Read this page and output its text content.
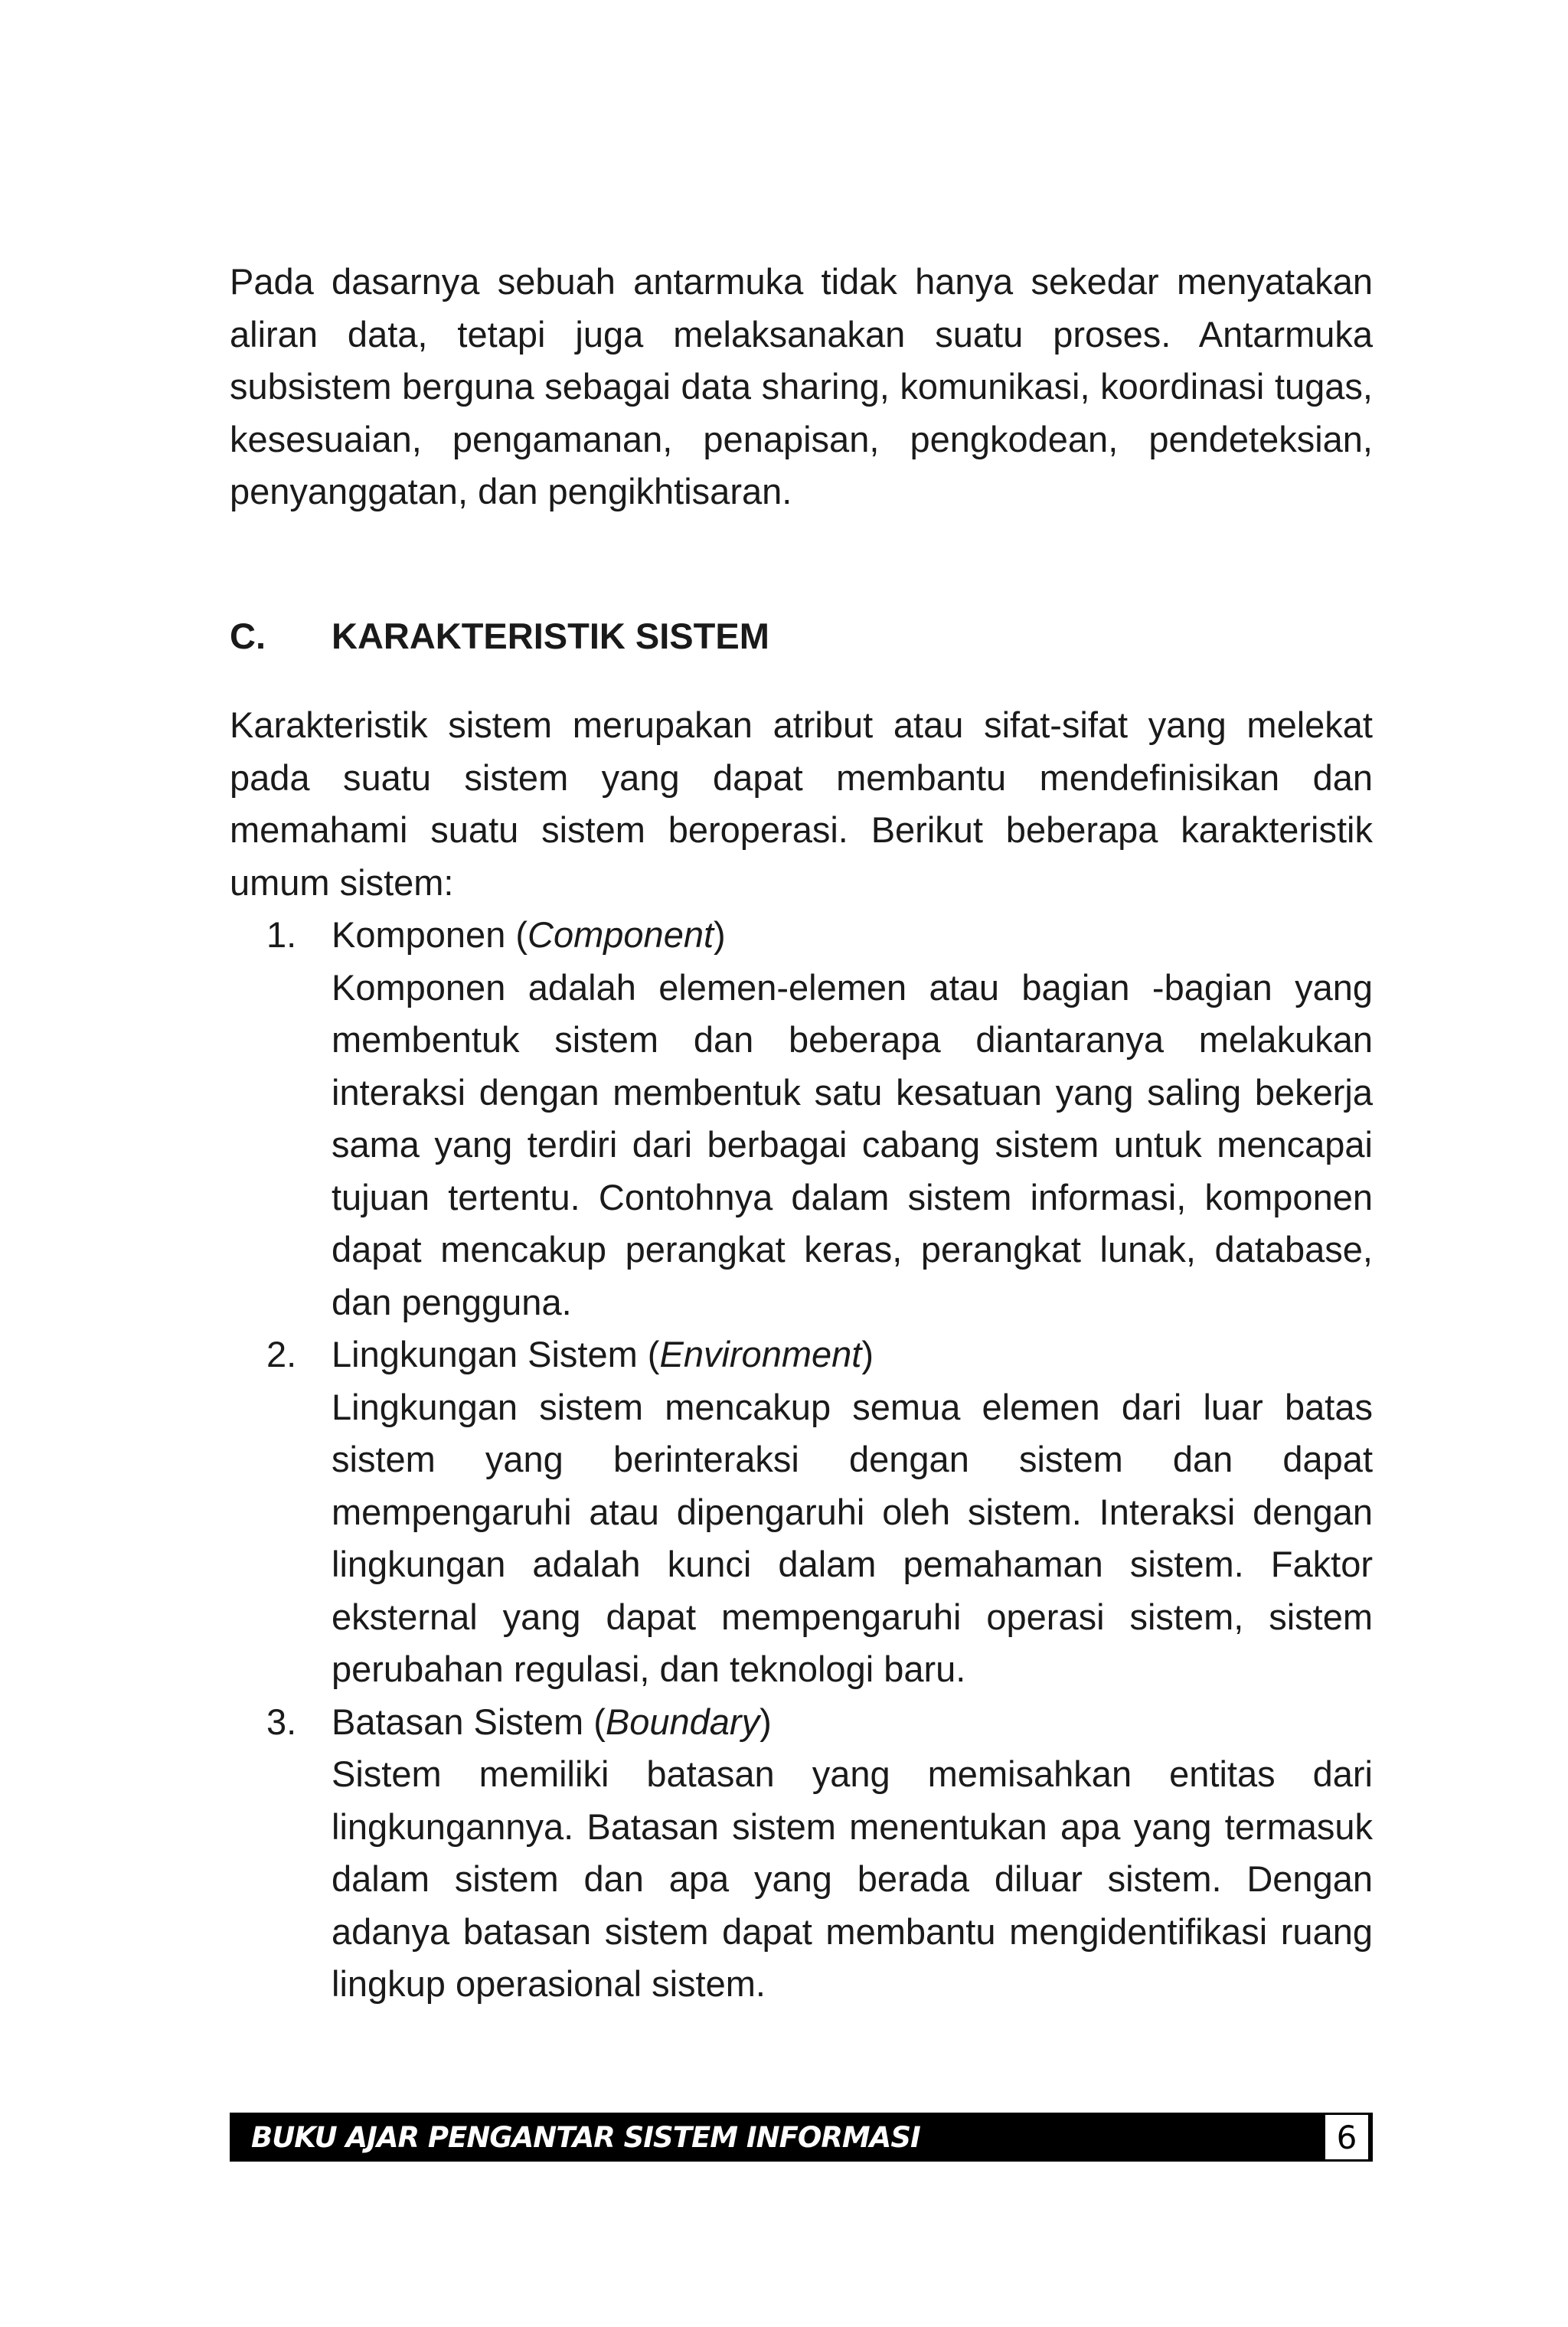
Pada dasarnya sebuah antarmuka tidak hanya sekedar menyatakan aliran data, tetapi juga melaksanakan suatu proses. Antarmuka subsistem berguna sebagai data sharing, komunikasi, koordinasi tugas, kesesuaian, pengamanan, penapisan, pengkodean, pendeteksian, penyanggatan, dan pengikhtisaran.

C.	KARAKTERISTIK SISTEM

Karakteristik sistem merupakan atribut atau sifat-sifat yang melekat pada suatu sistem yang dapat membantu mendefinisikan dan memahami suatu sistem beroperasi. Berikut beberapa karakteristik umum sistem:

1. Komponen (Component)
Komponen adalah elemen-elemen atau bagian -bagian yang membentuk sistem dan beberapa diantaranya melakukan interaksi dengan membentuk satu kesatuan yang saling bekerja sama yang terdiri dari berbagai cabang sistem untuk mencapai tujuan tertentu. Contohnya dalam sistem informasi, komponen dapat mencakup perangkat keras, perangkat lunak, database, dan pengguna.
2. Lingkungan Sistem (Environment)
Lingkungan sistem mencakup semua elemen dari luar batas sistem yang berinteraksi dengan sistem dan dapat mempengaruhi atau dipengaruhi oleh sistem. Interaksi dengan lingkungan adalah kunci dalam pemahaman sistem. Faktor eksternal yang dapat mempengaruhi operasi sistem, sistem perubahan regulasi, dan teknologi baru.
3. Batasan Sistem (Boundary)
Sistem memiliki batasan yang memisahkan entitas dari lingkungannya. Batasan sistem menentukan apa yang termasuk dalam sistem dan apa yang berada diluar sistem. Dengan adanya batasan sistem dapat membantu mengidentifikasi ruang lingkup operasional sistem.
BUKU AJAR PENGANTAR SISTEM INFORMASI	6
